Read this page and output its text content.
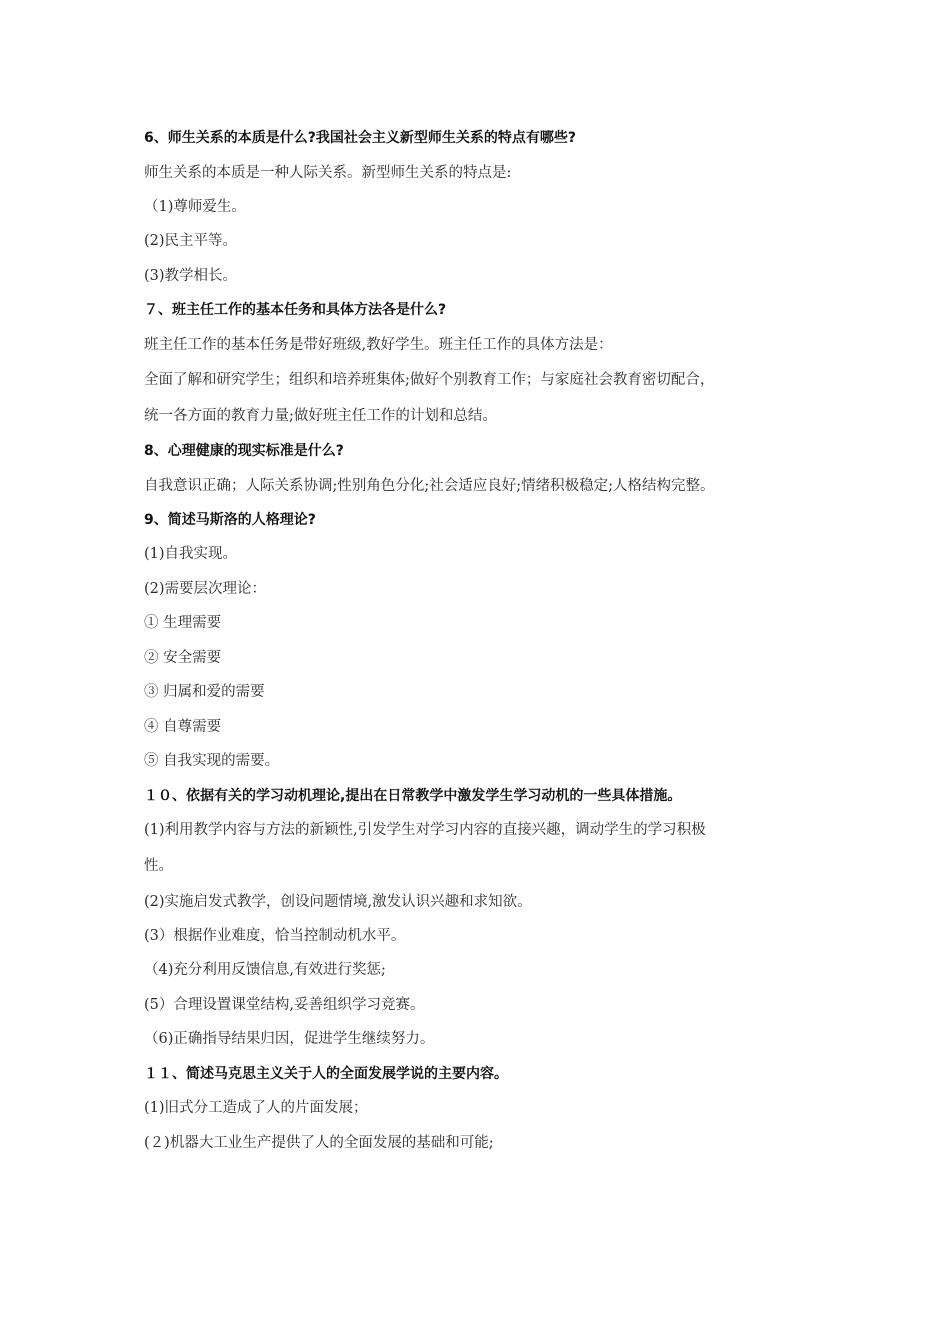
6、师生关系的本质是什么?我国社会主义新型师生关系的特点有哪些?
师生关系的本质是一种人际关系。新型师生关系的特点是:
（1)尊师爱生。
(2)民主平等。
(3)教学相长。
７、班主任工作的基本任务和具体方法各是什么?
班主任工作的基本任务是带好班级,教好学生。班主任工作的具体方法是：
全面了解和研究学生；组织和培养班集体;做好个别教育工作；与家庭社会教育密切配合，
统一各方面的教育力量;做好班主任工作的计划和总结。
8、心理健康的现实标准是什么?
自我意识正确；人际关系协调;性别角色分化;社会适应良好;情绪积极稳定;人格结构完整。
9、简述马斯洛的人格理论?
(1)自我实现。
(2)需要层次理论：
① 生理需要
② 安全需要
③ 归属和爱的需要
④ 自尊需要
⑤ 自我实现的需要。
１０、依据有关的学习动机理论,提出在日常教学中激发学生学习动机的一些具体措施。
(1)利用教学内容与方法的新颖性,引发学生对学习内容的直接兴趣，调动学生的学习积极
性。
(2)实施启发式教学，创设问题情境,激发认识兴趣和求知欲。
(3）根据作业难度，恰当控制动机水平。
（4)充分利用反馈信息,有效进行奖惩;
(5）合理设置课堂结构,妥善组织学习竞赛。
（6)正确指导结果归因，促进学生继续努力。
１１、简述马克思主义关于人的全面发展学说的主要内容。
(1)旧式分工造成了人的片面发展；
(２)机器大工业生产提供了人的全面发展的基础和可能;
